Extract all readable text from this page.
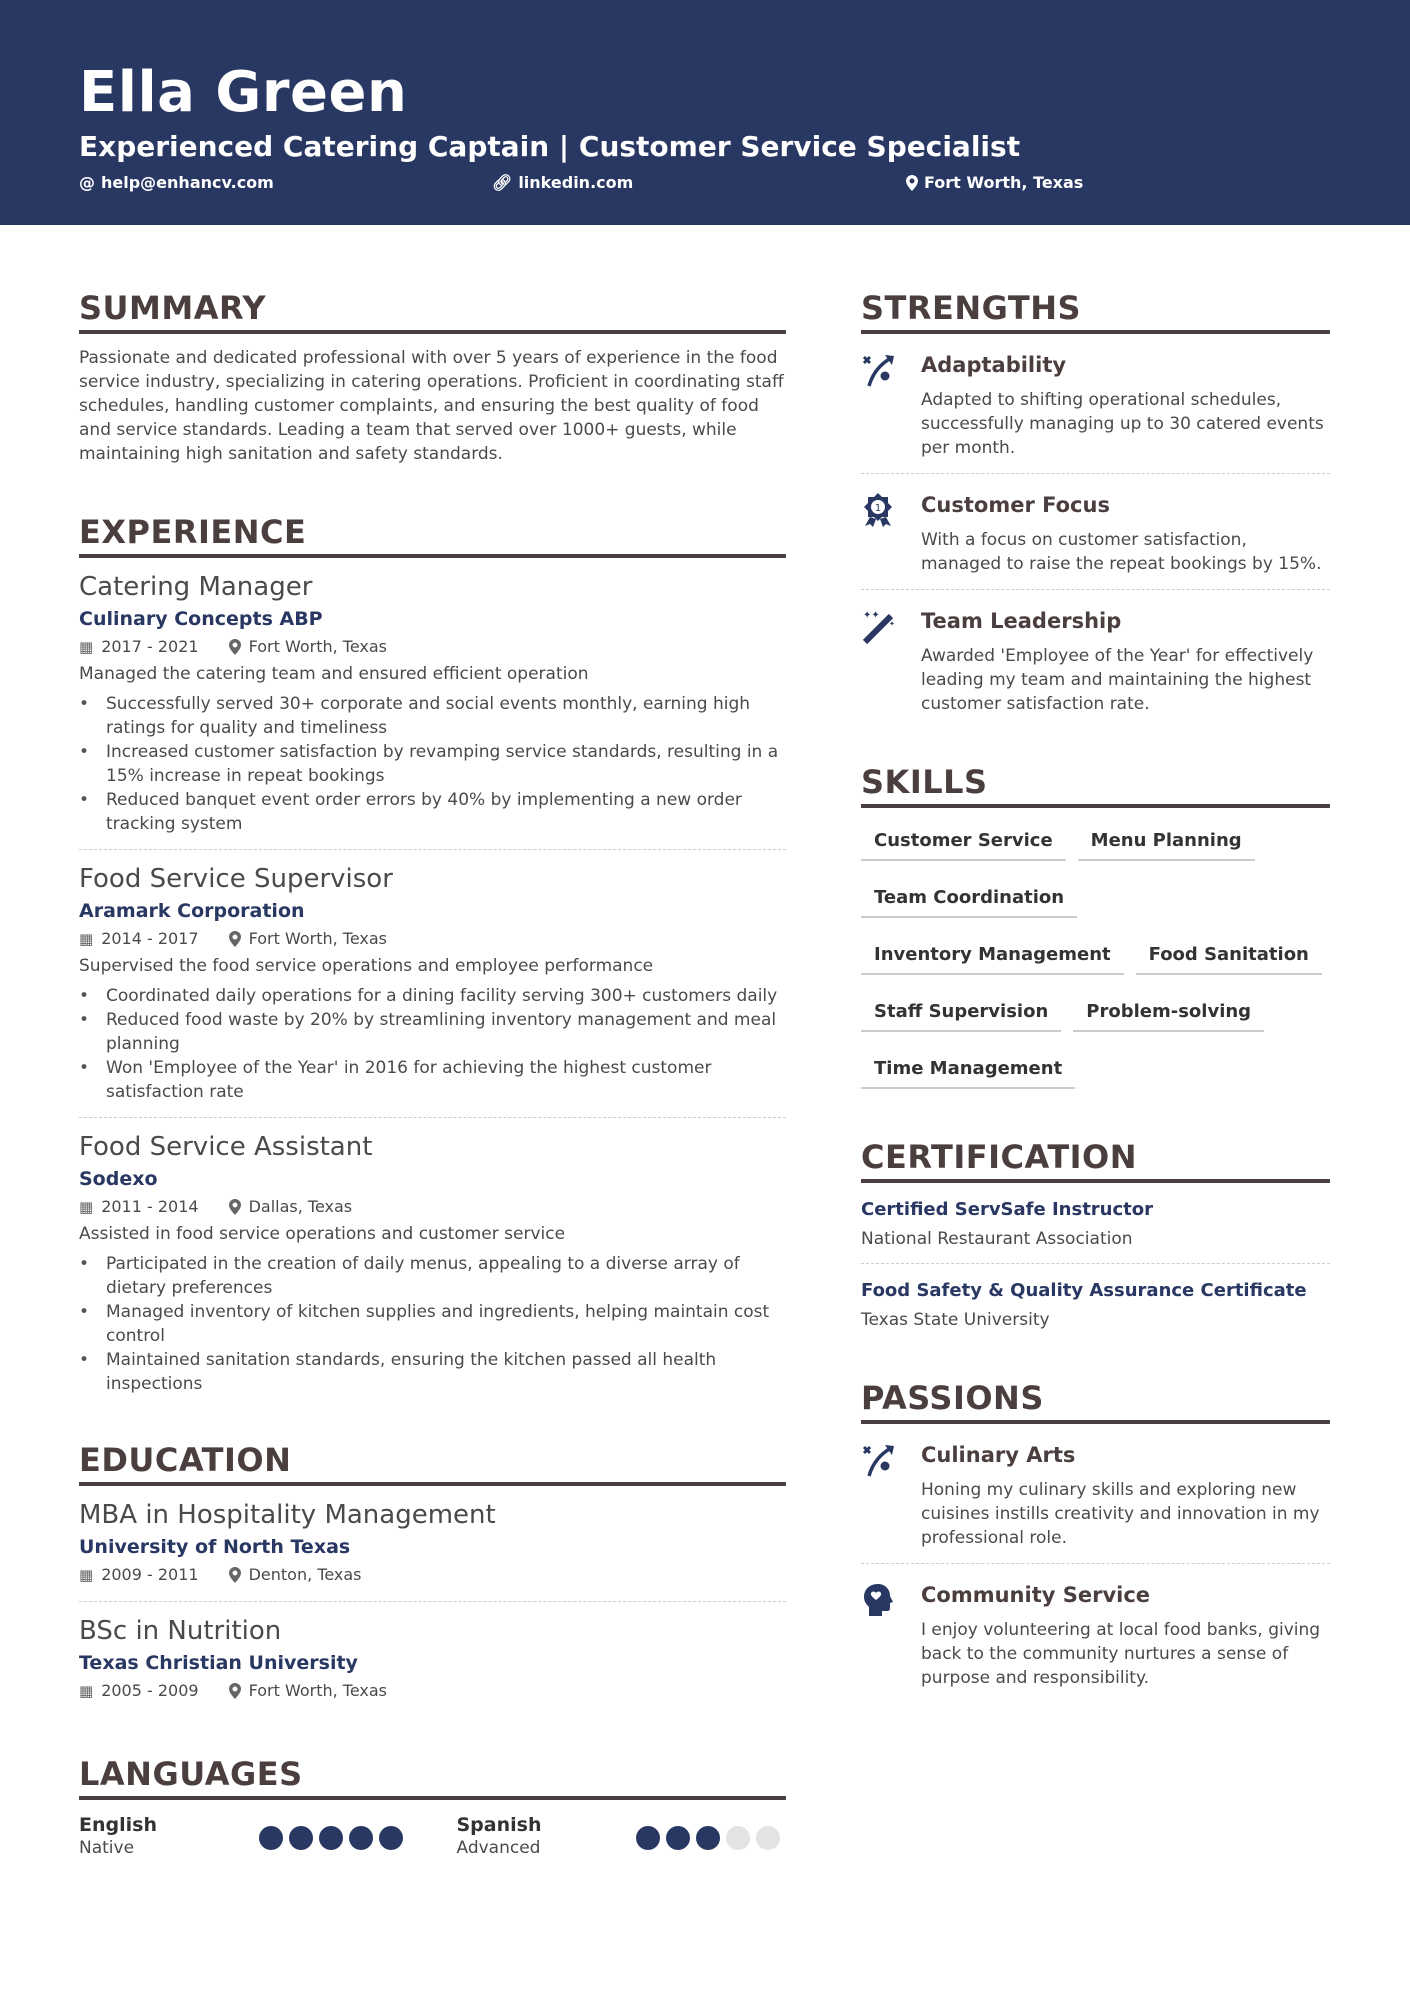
Ella Green
Experienced Catering Captain | Customer Service Specialist
@ help@enhancv.com	🔗︎ linkedin.com	Fort Worth, Texas
SUMMARY
Passionate and dedicated professional with over 5 years of experience in the food service industry, specializing in catering operations. Proficient in coordinating staff schedules, handling customer complaints, and ensuring the best quality of food and service standards. Leading a team that served over 1000+ guests, while maintaining high sanitation and safety standards.
EXPERIENCE
Catering Manager
Culinary Concepts ABP
▦ 2017 - 2021	Fort Worth, Texas
Managed the catering team and ensured efficient operation
• Successfully served 30+ corporate and social events monthly, earning high ratings for quality and timeliness
• Increased customer satisfaction by revamping service standards, resulting in a 15% increase in repeat bookings
• Reduced banquet event order errors by 40% by implementing a new order tracking system
Food Service Supervisor
Aramark Corporation
▦ 2014 - 2017	Fort Worth, Texas
Supervised the food service operations and employee performance
• Coordinated daily operations for a dining facility serving 300+ customers daily
• Reduced food waste by 20% by streamlining inventory management and meal planning
• Won 'Employee of the Year' in 2016 for achieving the highest customer satisfaction rate
Food Service Assistant
Sodexo
▦ 2011 - 2014	Dallas, Texas
Assisted in food service operations and customer service
• Participated in the creation of daily menus, appealing to a diverse array of dietary preferences
• Managed inventory of kitchen supplies and ingredients, helping maintain cost control
• Maintained sanitation standards, ensuring the kitchen passed all health inspections
EDUCATION
MBA in Hospitality Management
University of North Texas
▦ 2009 - 2011	Denton, Texas
BSc in Nutrition
Texas Christian University
▦ 2005 - 2009	Fort Worth, Texas
LANGUAGES
English
Native
Spanish
Advanced
STRENGTHS
Adaptability
Adapted to shifting operational schedules, successfully managing up to 30 catered events per month.
1 Customer Focus
With a focus on customer satisfaction, managed to raise the repeat bookings by 15%.
✦✦
✦ Team Leadership
Awarded 'Employee of the Year' for effectively leading my team and maintaining the highest customer satisfaction rate.
SKILLS
Customer Service	Menu Planning
Team Coordination
Inventory Management	Food Sanitation
Staff Supervision	Problem-solving
Time Management
CERTIFICATION
Certified ServSafe Instructor
National Restaurant Association
Food Safety & Quality Assurance Certificate
Texas State University
PASSIONS
Culinary Arts
Honing my culinary skills and exploring new cuisines instills creativity and innovation in my professional role.
Community Service
I enjoy volunteering at local food banks, giving back to the community nurtures a sense of purpose and responsibility.
